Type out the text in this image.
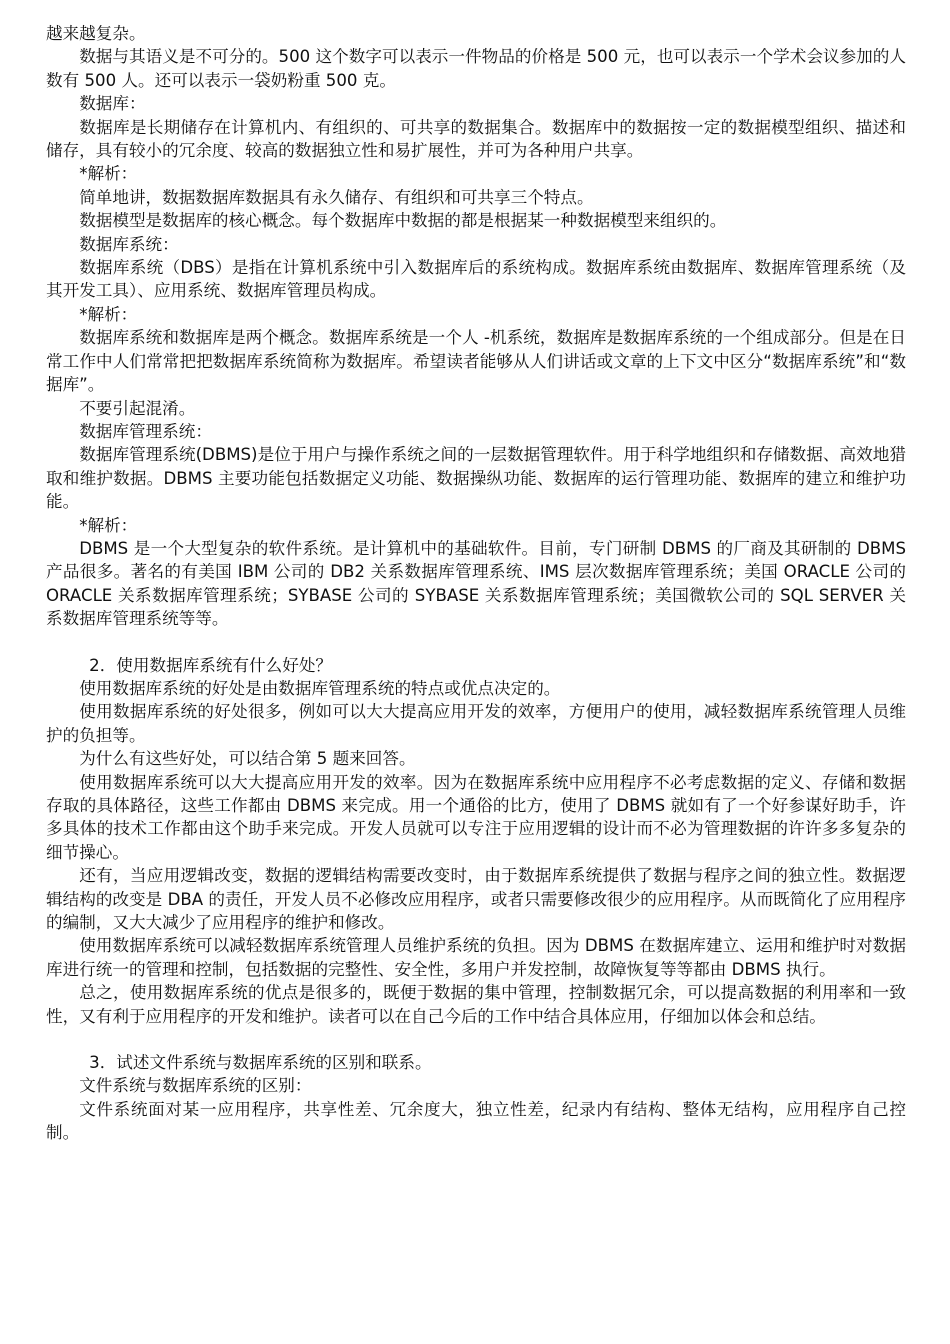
越来越复杂。

数据与其语义是不可分的。500 这个数字可以表示一件物品的价格是 500 元，也可以表示一个学术会议参加的人数有 500 人。还可以表示一袋奶粉重 500 克。

数据库：

数据库是长期储存在计算机内、有组织的、可共享的数据集合。数据库中的数据按一定的数据模型组织、描述和储存，具有较小的冗余度、较高的数据独立性和易扩展性，并可为各种用户共享。

*解析：

简单地讲，数据数据库数据具有永久储存、有组织和可共享三个特点。

数据模型是数据库的核心概念。每个数据库中数据的都是根据某一种数据模型来组织的。

数据库系统：

数据库系统（DBS）是指在计算机系统中引入数据库后的系统构成。数据库系统由数据库、数据库管理系统（及其开发工具）、应用系统、数据库管理员构成。

*解析：

数据库系统和数据库是两个概念。数据库系统是一个人 -机系统，数据库是数据库系统的一个组成部分。但是在日常工作中人们常常把把数据库系统简称为数据库。希望读者能够从人们讲话或文章的上下文中区分“数据库系统”和“数据库”。

不要引起混淆。

数据库管理系统：

数据库管理系统(DBMS)是位于用户与操作系统之间的一层数据管理软件。用于科学地组织和存储数据、高效地猎取和维护数据。DBMS 主要功能包括数据定义功能、数据操纵功能、数据库的运行管理功能、数据库的建立和维护功能。

*解析：

DBMS 是一个大型复杂的软件系统。是计算机中的基础软件。目前，专门研制 DBMS 的厂商及其研制的 DBMS 产品很多。著名的有美国 IBM 公司的 DB2 关系数据库管理系统、IMS 层次数据库管理系统；美国 ORACLE 公司的 ORACLE 关系数据库管理系统；SYBASE 公司的 SYBASE 关系数据库管理系统；美国微软公司的 SQL SERVER 关系数据库管理系统等等。

2．使用数据库系统有什么好处？

使用数据库系统的好处是由数据库管理系统的特点或优点决定的。

使用数据库系统的好处很多，例如可以大大提高应用开发的效率，方便用户的使用，减轻数据库系统管理人员维护的负担等。

为什么有这些好处，可以结合第 5 题来回答。

使用数据库系统可以大大提高应用开发的效率。因为在数据库系统中应用程序不必考虑数据的定义、存储和数据存取的具体路径，这些工作都由 DBMS 来完成。用一个通俗的比方，使用了 DBMS 就如有了一个好参谋好助手，许多具体的技术工作都由这个助手来完成。开发人员就可以专注于应用逻辑的设计而不必为管理数据的许许多多复杂的细节操心。

还有，当应用逻辑改变，数据的逻辑结构需要改变时，由于数据库系统提供了数据与程序之间的独立性。数据逻辑结构的改变是 DBA 的责任，开发人员不必修改应用程序，或者只需要修改很少的应用程序。从而既简化了应用程序的编制，又大大减少了应用程序的维护和修改。

使用数据库系统可以减轻数据库系统管理人员维护系统的负担。因为 DBMS 在数据库建立、运用和维护时对数据库进行统一的管理和控制，包括数据的完整性、安全性，多用户并发控制，故障恢复等等都由 DBMS 执行。

总之，使用数据库系统的优点是很多的，既便于数据的集中管理，控制数据冗余，可以提高数据的利用率和一致性，又有利于应用程序的开发和维护。读者可以在自己今后的工作中结合具体应用，仔细加以体会和总结。

3．试述文件系统与数据库系统的区别和联系。

文件系统与数据库系统的区别：

文件系统面对某一应用程序，共享性差、冗余度大，独立性差，纪录内有结构、整体无结构，应用程序自己控制。
